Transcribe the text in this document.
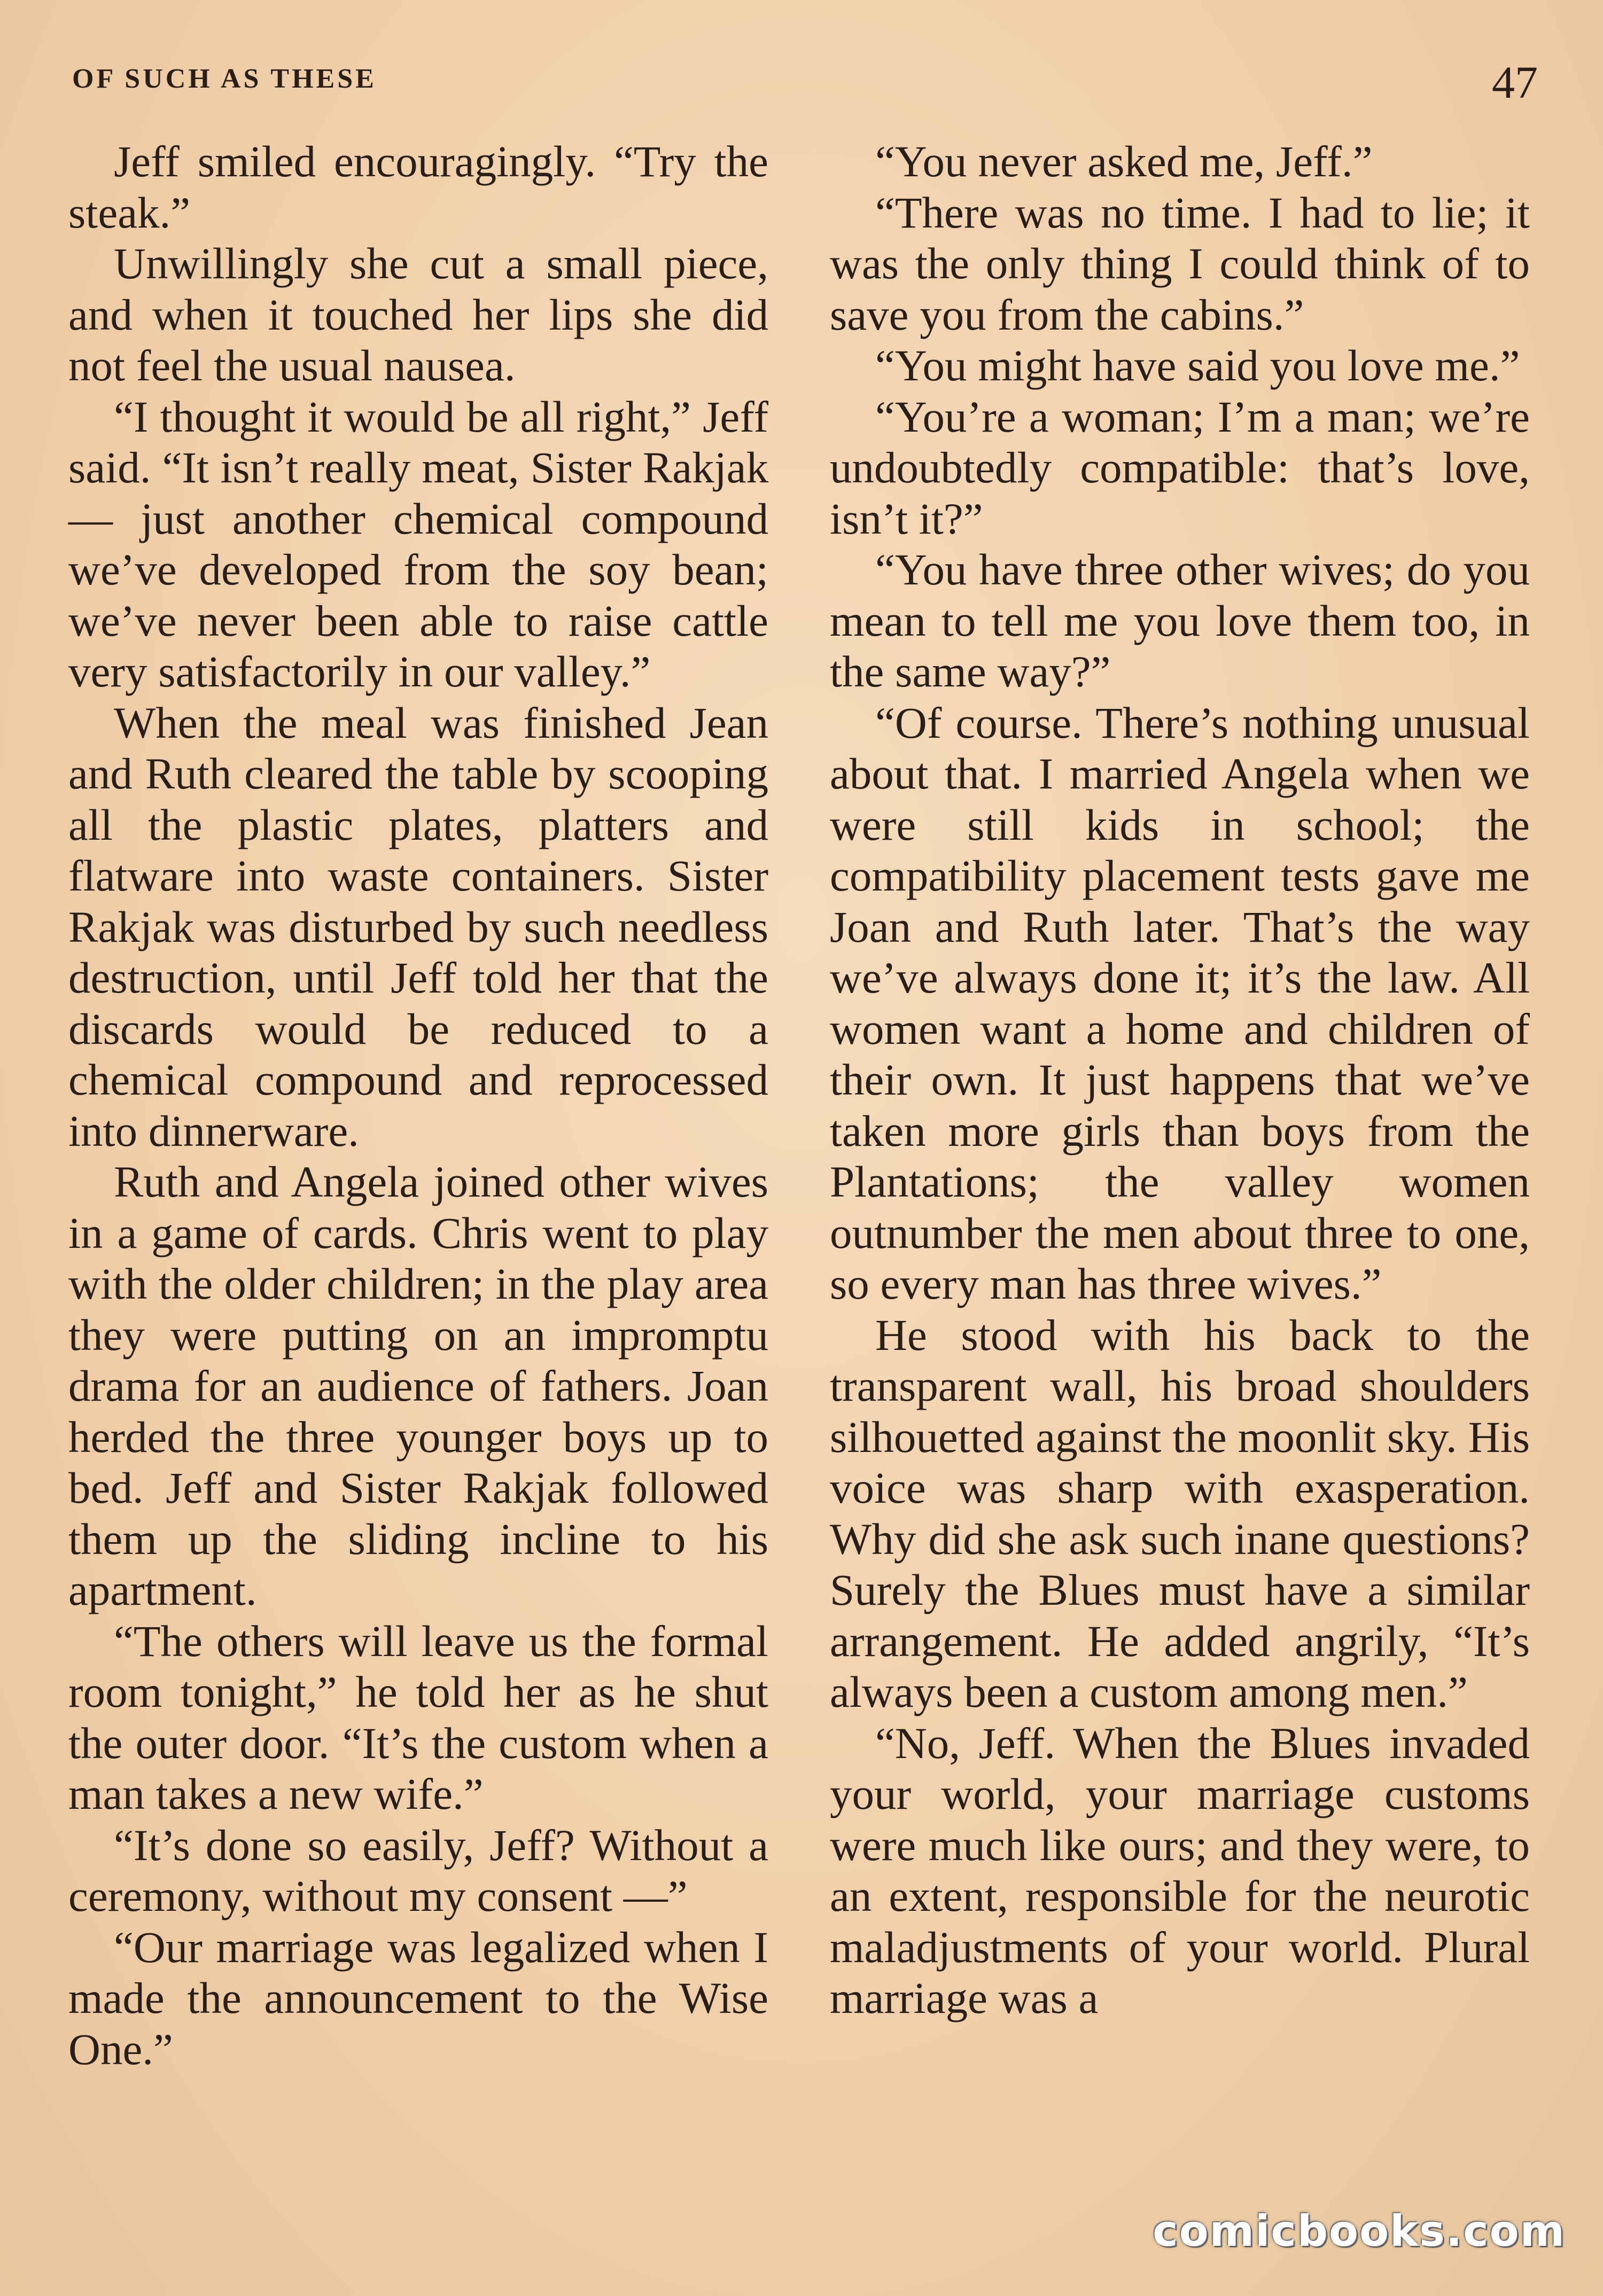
OF SUCH AS THESE	47

Jeff smiled encouragingly. “Try the steak.”

Unwillingly she cut a small piece, and when it touched her lips she did not feel the usual nausea.

“I thought it would be all right,” Jeff said. “It isn’t really meat, Sister Rakjak — just another chemical compound we’ve developed from the soy bean; we’ve never been able to raise cattle very satisfactorily in our valley.”

When the meal was finished Jean and Ruth cleared the table by scooping all the plastic plates, platters and flatware into waste containers. Sister Rakjak was disturbed by such needless destruction, until Jeff told her that the discards would be reduced to a chemical compound and reprocessed into dinnerware.

Ruth and Angela joined other wives in a game of cards. Chris went to play with the older children; in the play area they were putting on an impromptu drama for an audience of fathers. Joan herded the three younger boys up to bed. Jeff and Sister Rakjak followed them up the sliding incline to his apartment.

“The others will leave us the formal room tonight,” he told her as he shut the outer door. “It’s the custom when a man takes a new wife.”

“It’s done so easily, Jeff? Without a ceremony, without my consent —”

“Our marriage was legalized when I made the announcement to the Wise One.”

“You never asked me, Jeff.”

“There was no time. I had to lie; it was the only thing I could think of to save you from the cabins.”

“You might have said you love me.”

“You’re a woman; I’m a man; we’re undoubtedly compatible: that’s love, isn’t it?”

“You have three other wives; do you mean to tell me you love them too, in the same way?”

“Of course. There’s nothing unusual about that. I married Angela when we were still kids in school; the compatibility placement tests gave me Joan and Ruth later. That’s the way we’ve always done it; it’s the law. All women want a home and children of their own. It just happens that we’ve taken more girls than boys from the Plantations; the valley women outnumber the men about three to one, so every man has three wives.”

He stood with his back to the transparent wall, his broad shoulders silhouetted against the moonlit sky. His voice was sharp with exasperation. Why did she ask such inane questions? Surely the Blues must have a similar arrangement. He added angrily, “It’s always been a custom among men.”

“No, Jeff. When the Blues invaded your world, your marriage customs were much like ours; and they were, to an extent, responsible for the neurotic maladjustments of your world. Plural marriage was a

comicbooks.com
